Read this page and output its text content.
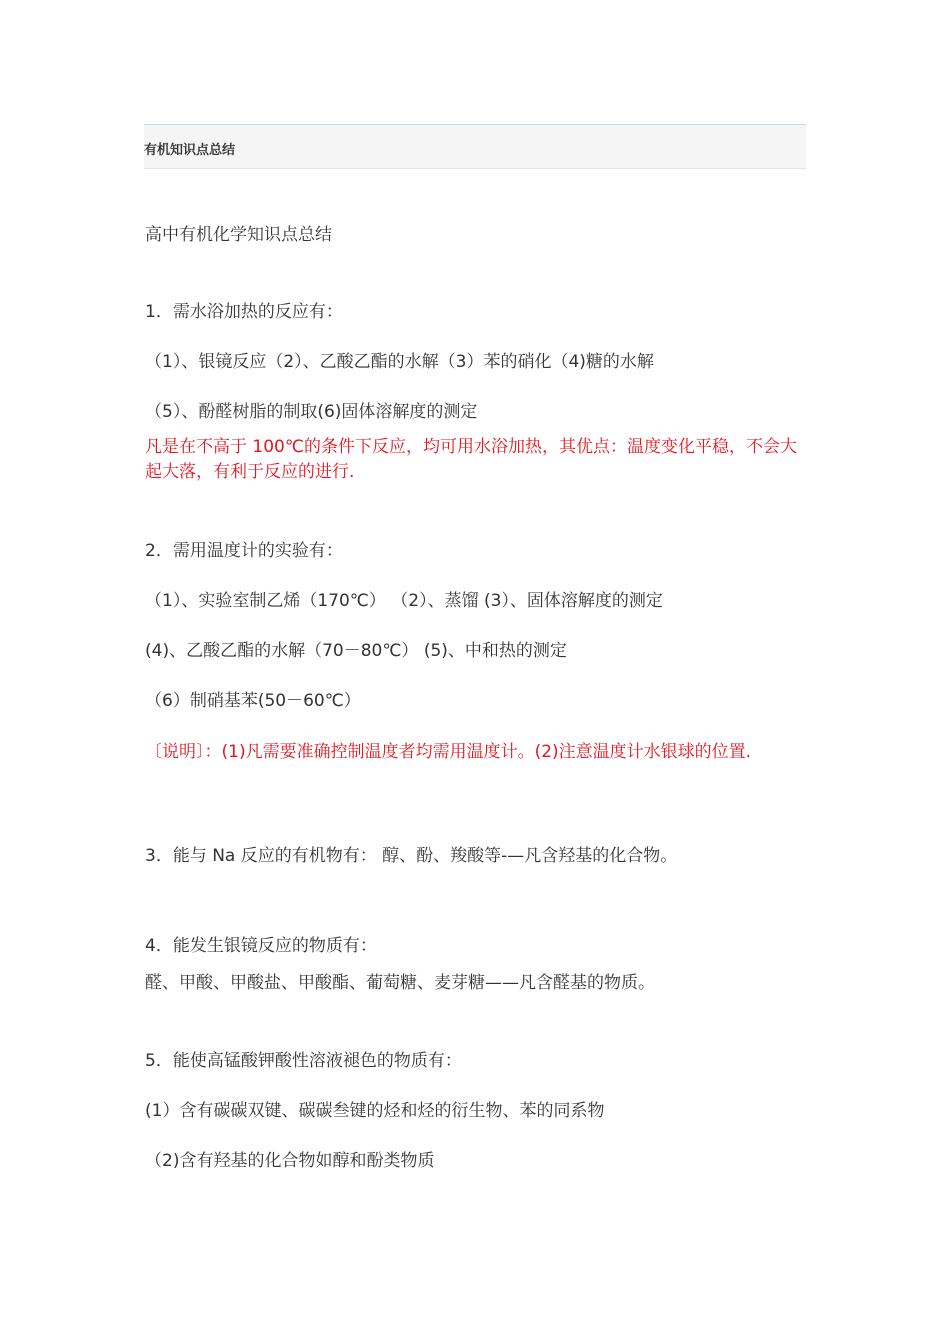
有机知识点总结
高中有机化学知识点总结
1．需水浴加热的反应有：
（1）、银镜反应（2）、乙酸乙酯的水解（3）苯的硝化（4)糖的水解
（5）、酚醛树脂的制取(6)固体溶解度的测定
凡是在不高于 100℃的条件下反应，均可用水浴加热，其优点：温度变化平稳，不会大起大落，有利于反应的进行.
2．需用温度计的实验有：
（1）、实验室制乙烯（170℃） （2）、蒸馏 (3）、固体溶解度的测定
(4)、乙酸乙酯的水解（70－80℃） (5)、中和热的测定
（6）制硝基苯(50－60℃）
〔说明〕：(1)凡需要准确控制温度者均需用温度计。(2)注意温度计水银球的位置.
3．能与 Na 反应的有机物有： 醇、酚、羧酸等-—凡含羟基的化合物。
4．能发生银镜反应的物质有：
醛、甲酸、甲酸盐、甲酸酯、葡萄糖、麦芽糖——凡含醛基的物质。
5．能使高锰酸钾酸性溶液褪色的物质有：
(1）含有碳碳双键、碳碳叁键的烃和烃的衍生物、苯的同系物
（2)含有羟基的化合物如醇和酚类物质
